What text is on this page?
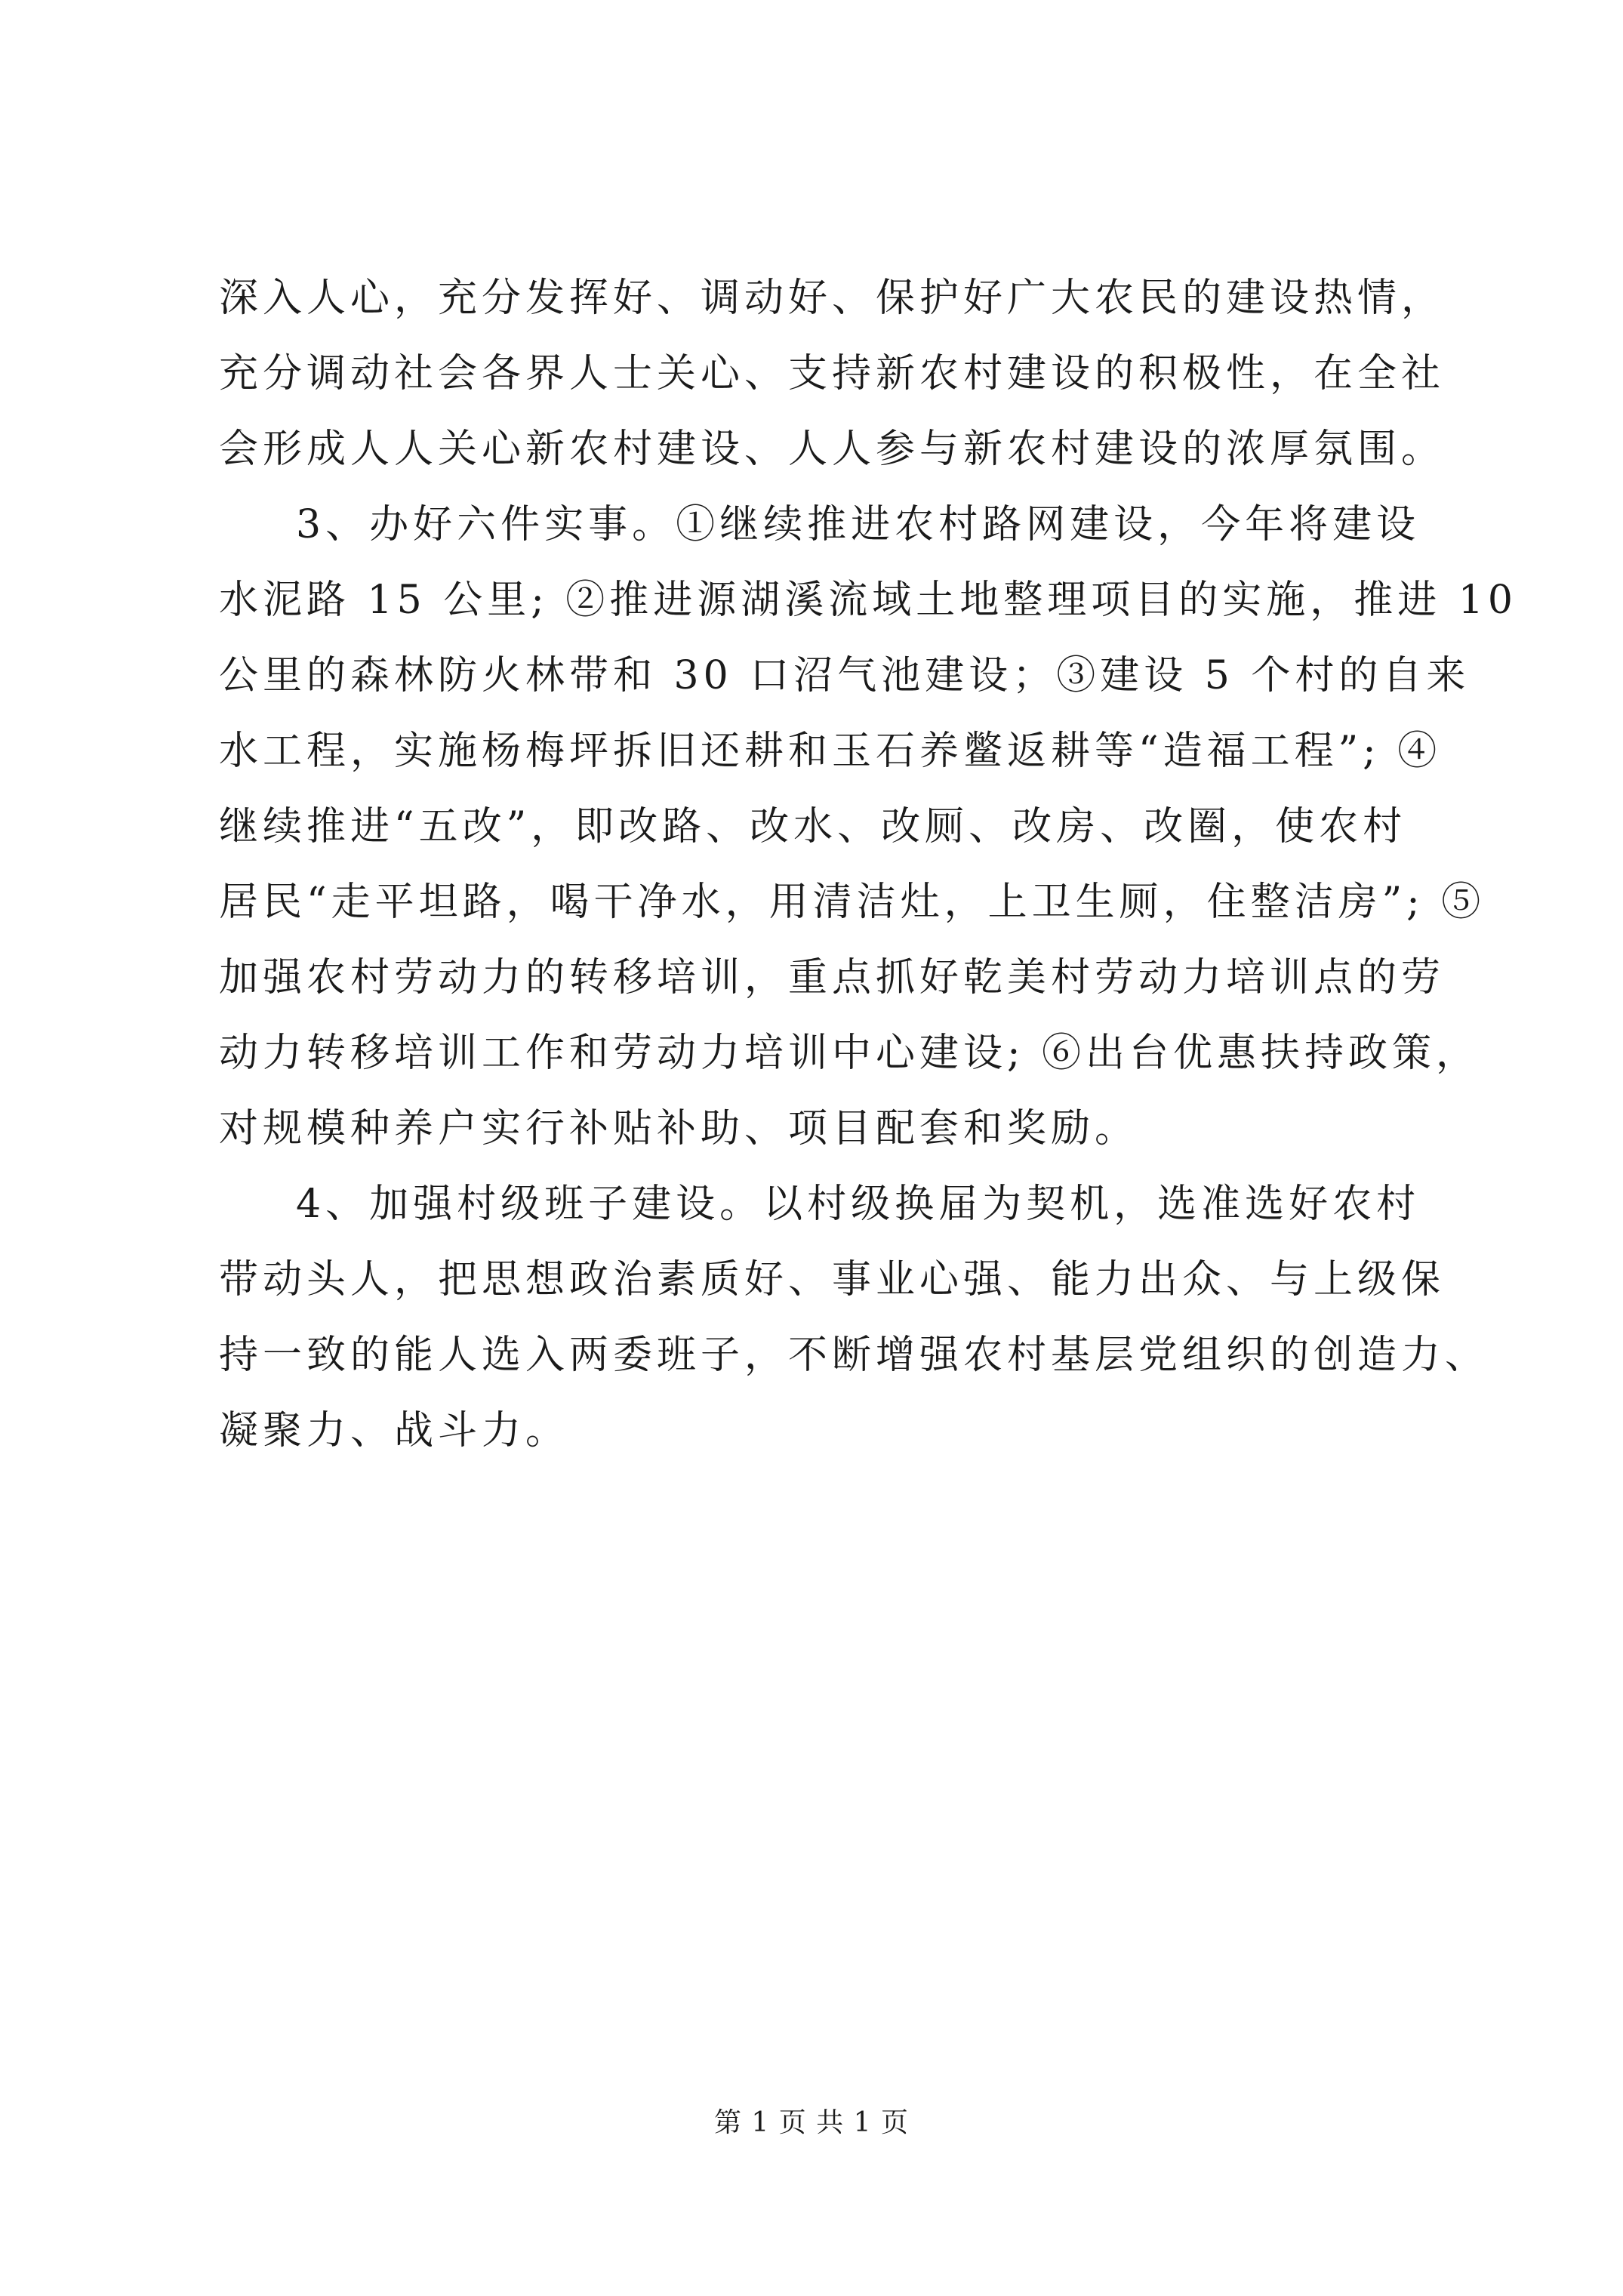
深入人心，充分发挥好、调动好、保护好广大农民的建设热情，
充分调动社会各界人士关心、支持新农村建设的积极性，在全社
会形成人人关心新农村建设、人人参与新农村建设的浓厚氛围。
3、办好六件实事。①继续推进农村路网建设，今年将建设
水泥路 15 公里; ②推进源湖溪流域土地整理项目的实施，推进 10
公里的森林防火林带和 30 口沼气池建设；③建设 5 个村的自来
水工程，实施杨梅坪拆旧还耕和玉石养鳖返耕等“造福工程”; ④
继续推进“五改”，即改路、改水、改厕、改房、改圈，使农村
居民“走平坦路，喝干净水，用清洁灶，上卫生厕，住整洁房”; ⑤
加强农村劳动力的转移培训，重点抓好乾美村劳动力培训点的劳
动力转移培训工作和劳动力培训中心建设; ⑥出台优惠扶持政策，
对规模种养户实行补贴补助、项目配套和奖励。
4、加强村级班子建设。以村级换届为契机，选准选好农村
带动头人，把思想政治素质好、事业心强、能力出众、与上级保
持一致的能人选入两委班子，不断增强农村基层党组织的创造力、
凝聚力、战斗力。
第 1 页 共 1 页
